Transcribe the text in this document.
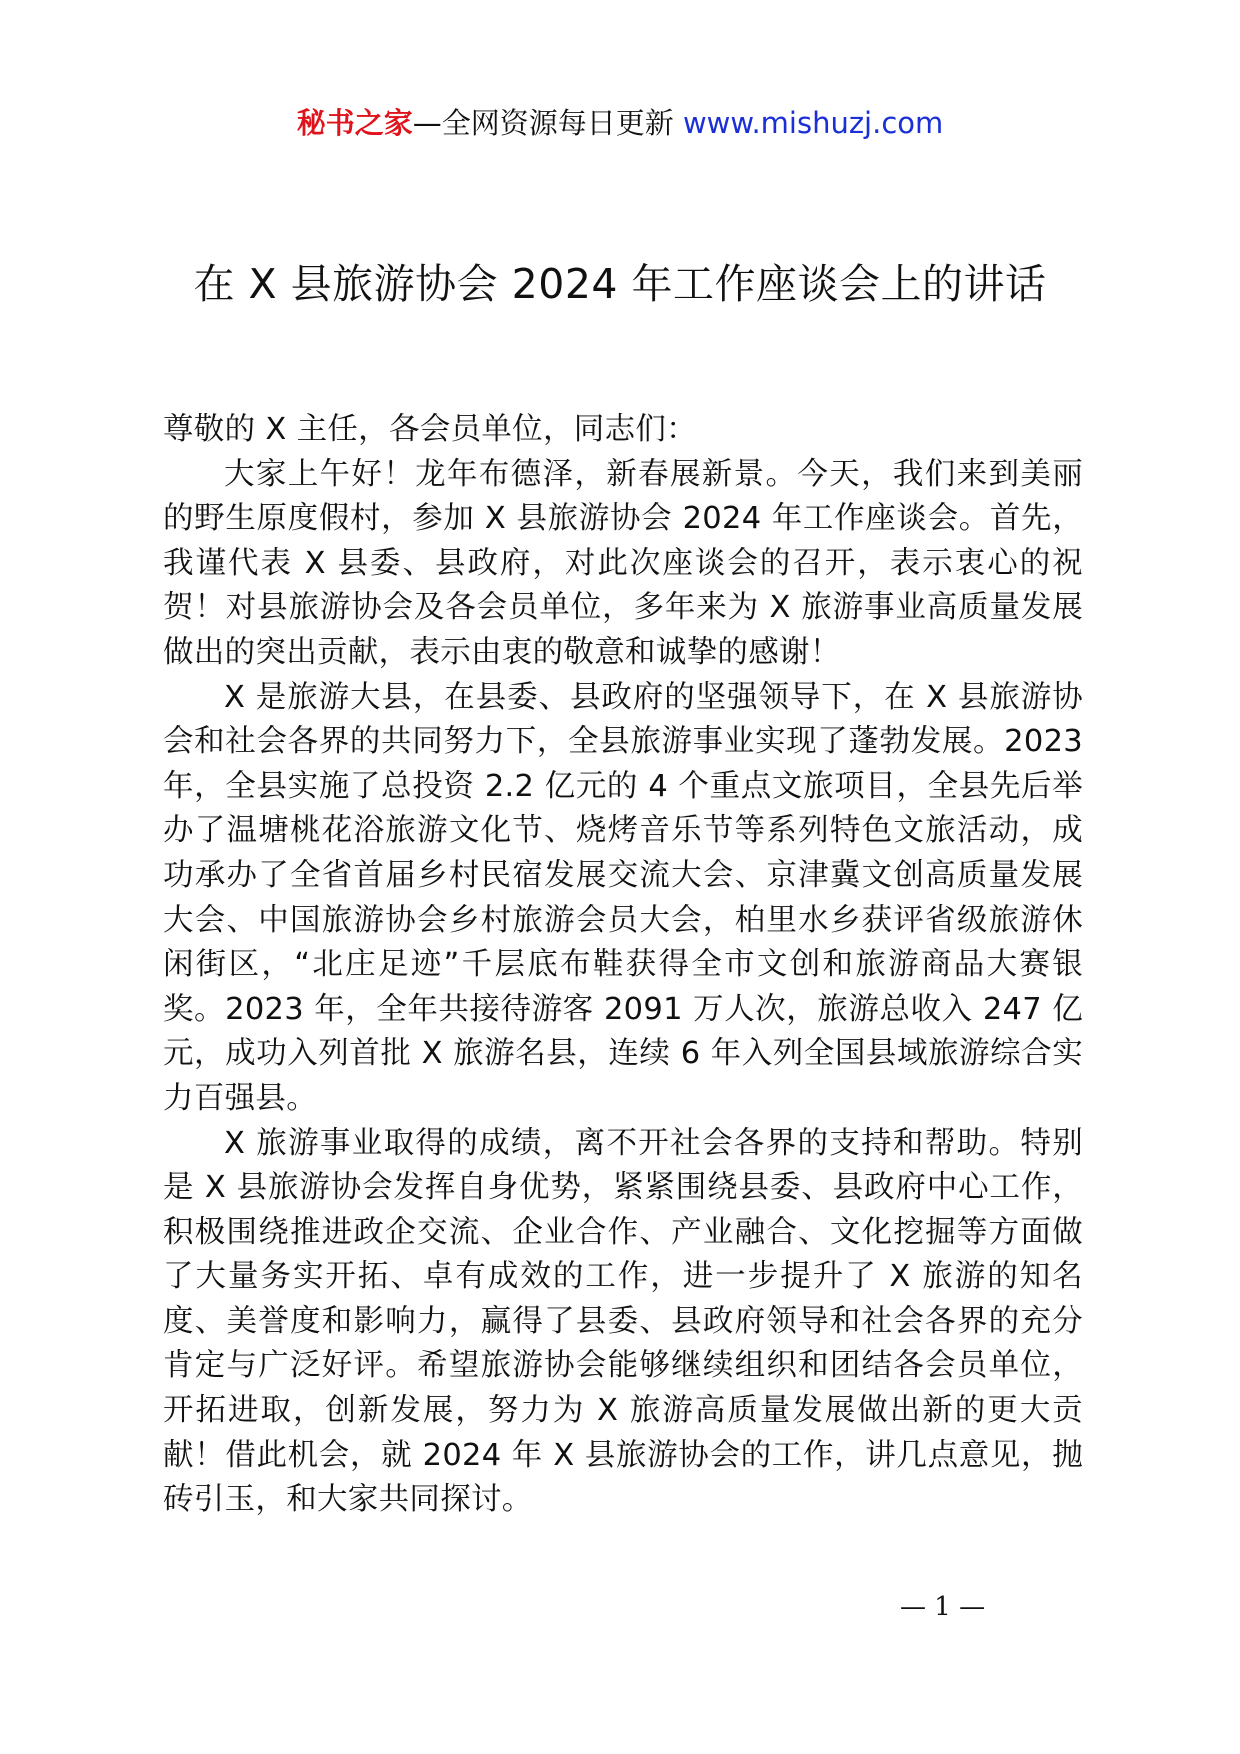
秘书之家—全网资源每日更新 www.mishuzj.com
在 X 县旅游协会 2024 年工作座谈会上的讲话

尊敬的 X 主任，各会员单位，同志们：

大家上午好！龙年布德泽，新春展新景。今天，我们来到美丽的野生原度假村，参加 X 县旅游协会 2024 年工作座谈会。首先，我谨代表 X 县委、县政府，对此次座谈会的召开，表示衷心的祝贺！对县旅游协会及各会员单位，多年来为 X 旅游事业高质量发展做出的突出贡献，表示由衷的敬意和诚挚的感谢！

X 是旅游大县，在县委、县政府的坚强领导下，在 X 县旅游协会和社会各界的共同努力下，全县旅游事业实现了蓬勃发展。2023 年，全县实施了总投资 2.2 亿元的 4 个重点文旅项目，全县先后举办了温塘桃花浴旅游文化节、烧烤音乐节等系列特色文旅活动，成功承办了全省首届乡村民宿发展交流大会、京津冀文创高质量发展大会、中国旅游协会乡村旅游会员大会，柏里水乡获评省级旅游休闲街区，“北庄足迹”千层底布鞋获得全市文创和旅游商品大赛银奖。2023 年，全年共接待游客 2091 万人次，旅游总收入 247 亿元，成功入列首批 X 旅游名县，连续 6 年入列全国县域旅游综合实力百强县。

X 旅游事业取得的成绩，离不开社会各界的支持和帮助。特别是 X 县旅游协会发挥自身优势，紧紧围绕县委、县政府中心工作，积极围绕推进政企交流、企业合作、产业融合、文化挖掘等方面做了大量务实开拓、卓有成效的工作，进一步提升了 X 旅游的知名度、美誉度和影响力，赢得了县委、县政府领导和社会各界的充分肯定与广泛好评。希望旅游协会能够继续组织和团结各会员单位，开拓进取，创新发展，努力为 X 旅游高质量发展做出新的更大贡献！借此机会，就 2024 年 X 县旅游协会的工作，讲几点意见，抛砖引玉，和大家共同探讨。

— 1 —
